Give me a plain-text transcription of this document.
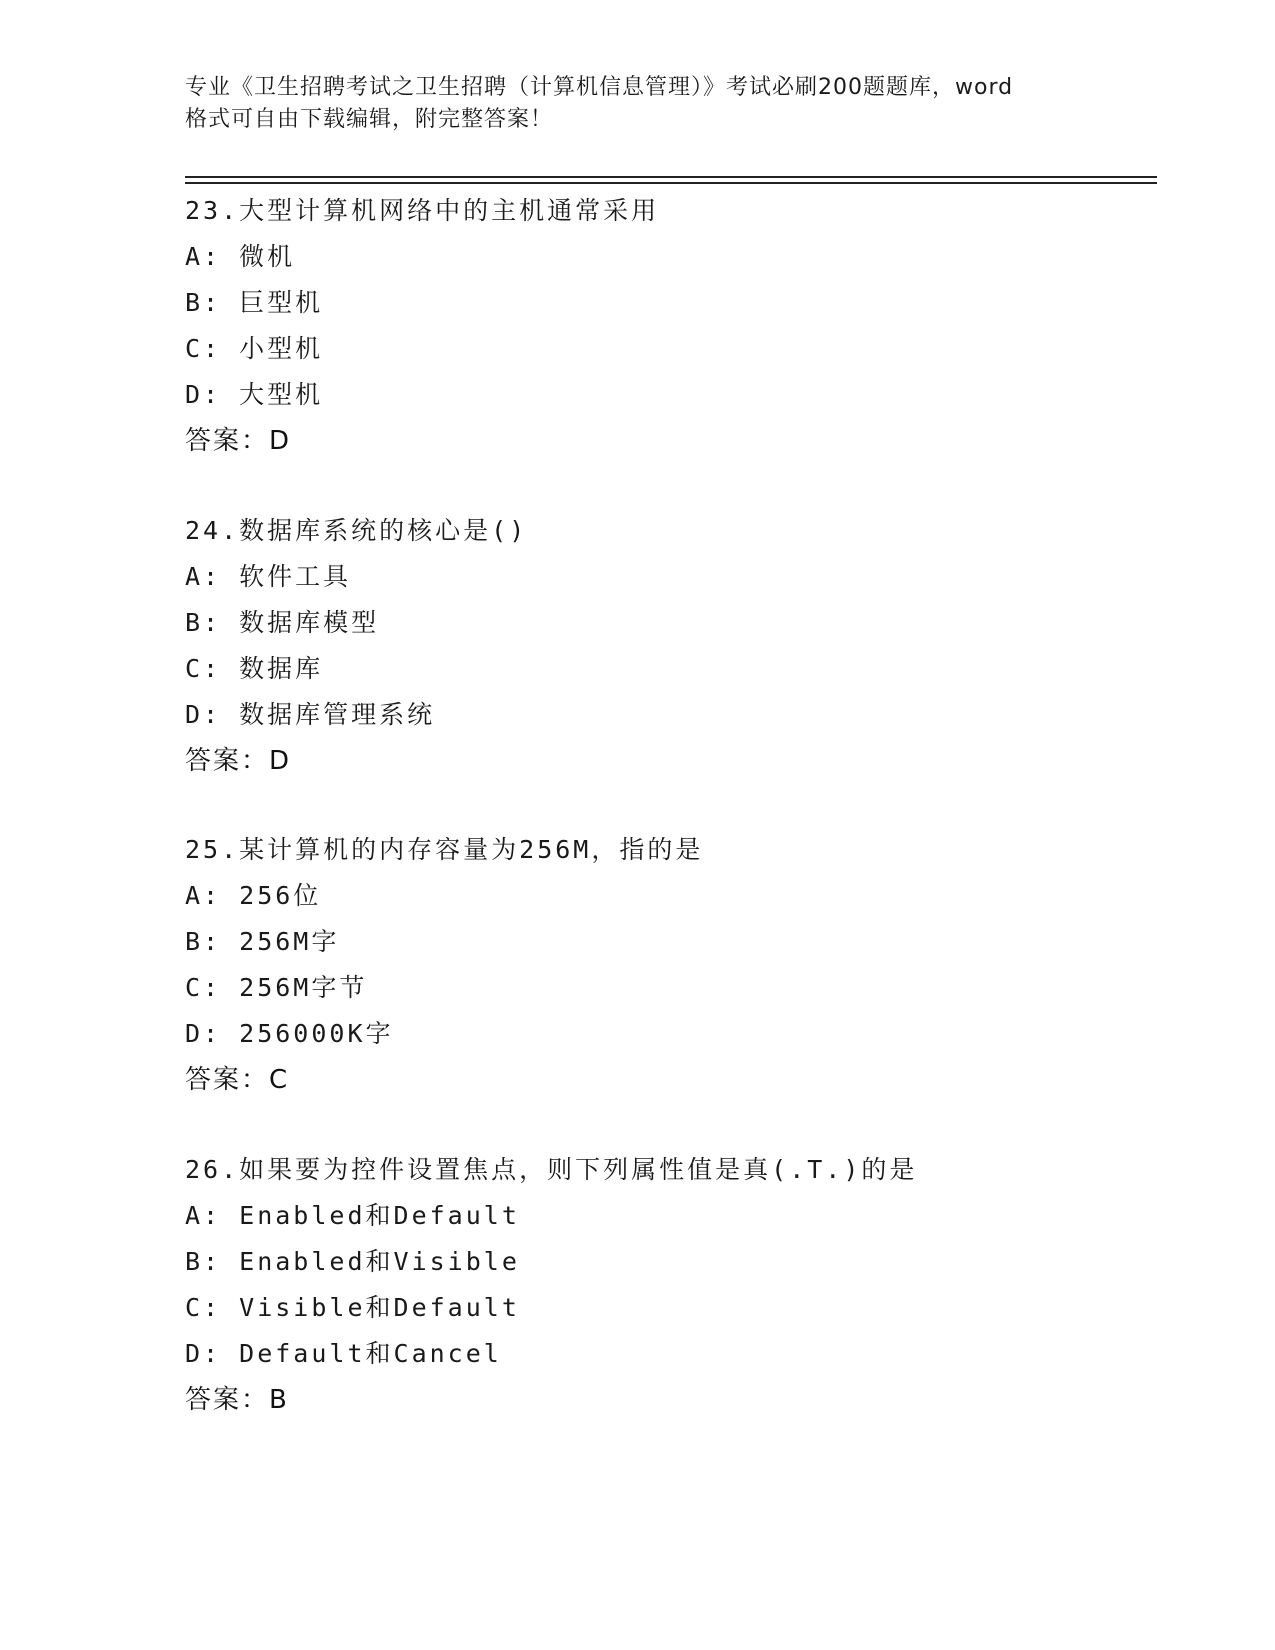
专业《卫生招聘考试之卫生招聘（计算机信息管理）》考试必刷200题题库，word

格式可自由下载编辑，附完整答案！

23.大型计算机网络中的主机通常采用
A: 微机
B: 巨型机
C: 小型机
D: 大型机
答案：D
24.数据库系统的核心是()
A: 软件工具
B: 数据库模型
C: 数据库
D: 数据库管理系统
答案：D
25.某计算机的内存容量为256M，指的是
A: 256位
B: 256M字
C: 256M字节
D: 256000K字
答案：C
26.如果要为控件设置焦点，则下列属性值是真(.T.)的是
A: Enabled和Default
B: Enabled和Visible
C: Visible和Default
D: Default和Cancel
答案：B
